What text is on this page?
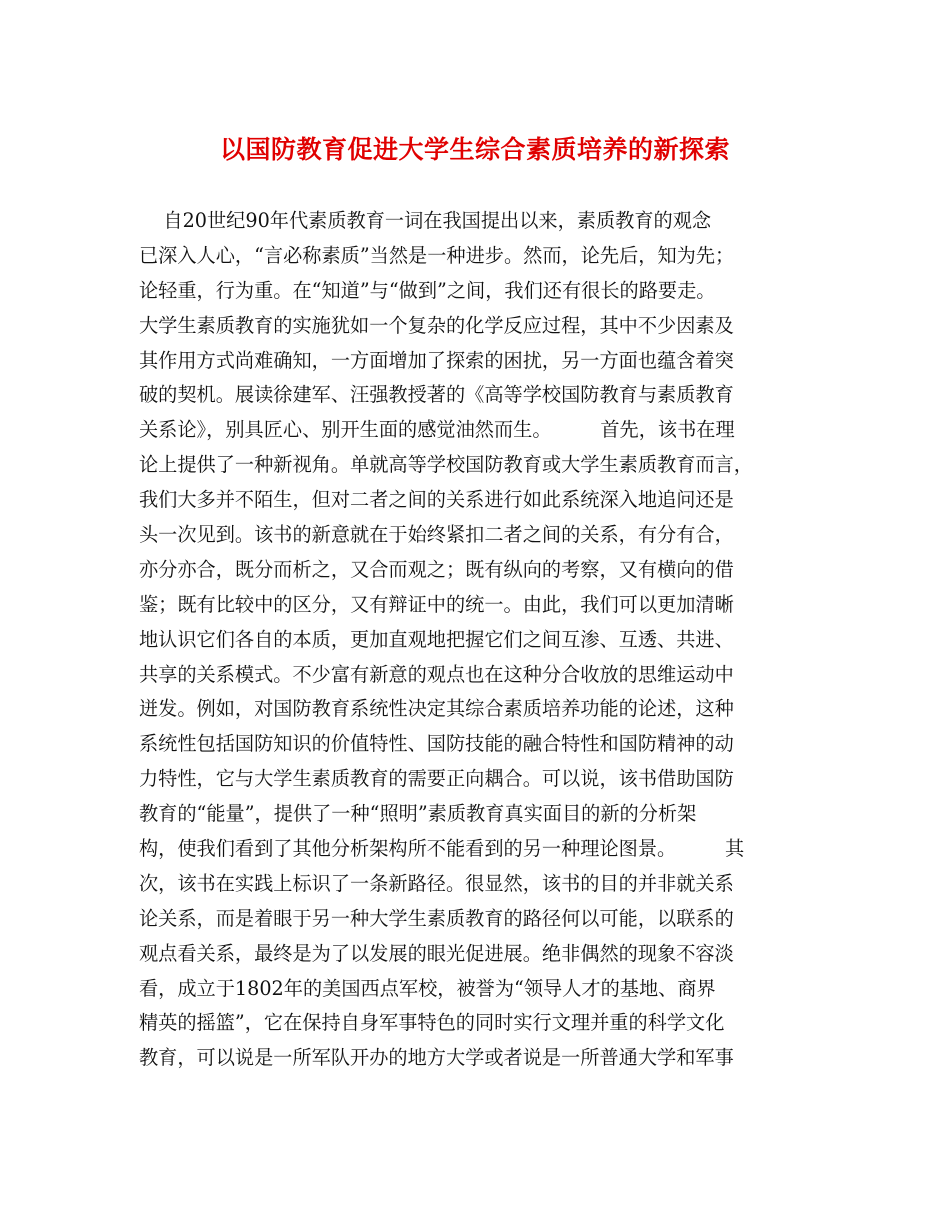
以国防教育促进大学生综合素质培养的新探索
自20世纪90年代素质教育一词在我国提出以来，素质教育的观念
已深入人心，“言必称素质”当然是一种进步。然而，论先后，知为先；
论轻重，行为重。在“知道”与“做到”之间，我们还有很长的路要走。
大学生素质教育的实施犹如一个复杂的化学反应过程，其中不少因素及
其作用方式尚难确知，一方面增加了探索的困扰，另一方面也蕴含着突
破的契机。展读徐建军、汪强教授著的《高等学校国防教育与素质教育
关系论》，别具匠心、别开生面的感觉油然而生。        首先，该书在理
论上提供了一种新视角。单就高等学校国防教育或大学生素质教育而言，
我们大多并不陌生，但对二者之间的关系进行如此系统深入地追问还是
头一次见到。该书的新意就在于始终紧扣二者之间的关系，有分有合，
亦分亦合，既分而析之，又合而观之；既有纵向的考察，又有横向的借
鉴；既有比较中的区分，又有辩证中的统一。由此，我们可以更加清晰
地认识它们各自的本质，更加直观地把握它们之间互渗、互透、共进、
共享的关系模式。不少富有新意的观点也在这种分合收放的思维运动中
迸发。例如，对国防教育系统性决定其综合素质培养功能的论述，这种
系统性包括国防知识的价值特性、国防技能的融合特性和国防精神的动
力特性，它与大学生素质教育的需要正向耦合。可以说，该书借助国防
教育的“能量”，提供了一种“照明”素质教育真实面目的新的分析架
构，使我们看到了其他分析架构所不能看到的另一种理论图景。        其
次，该书在实践上标识了一条新路径。很显然，该书的目的并非就关系
论关系，而是着眼于另一种大学生素质教育的路径何以可能，以联系的
观点看关系，最终是为了以发展的眼光促进展。绝非偶然的现象不容淡
看，成立于1802年的美国西点军校，被誉为“领导人才的基地、商界
精英的摇篮”，它在保持自身军事特色的同时实行文理并重的科学文化
教育，可以说是一所军队开办的地方大学或者说是一所普通大学和军事
